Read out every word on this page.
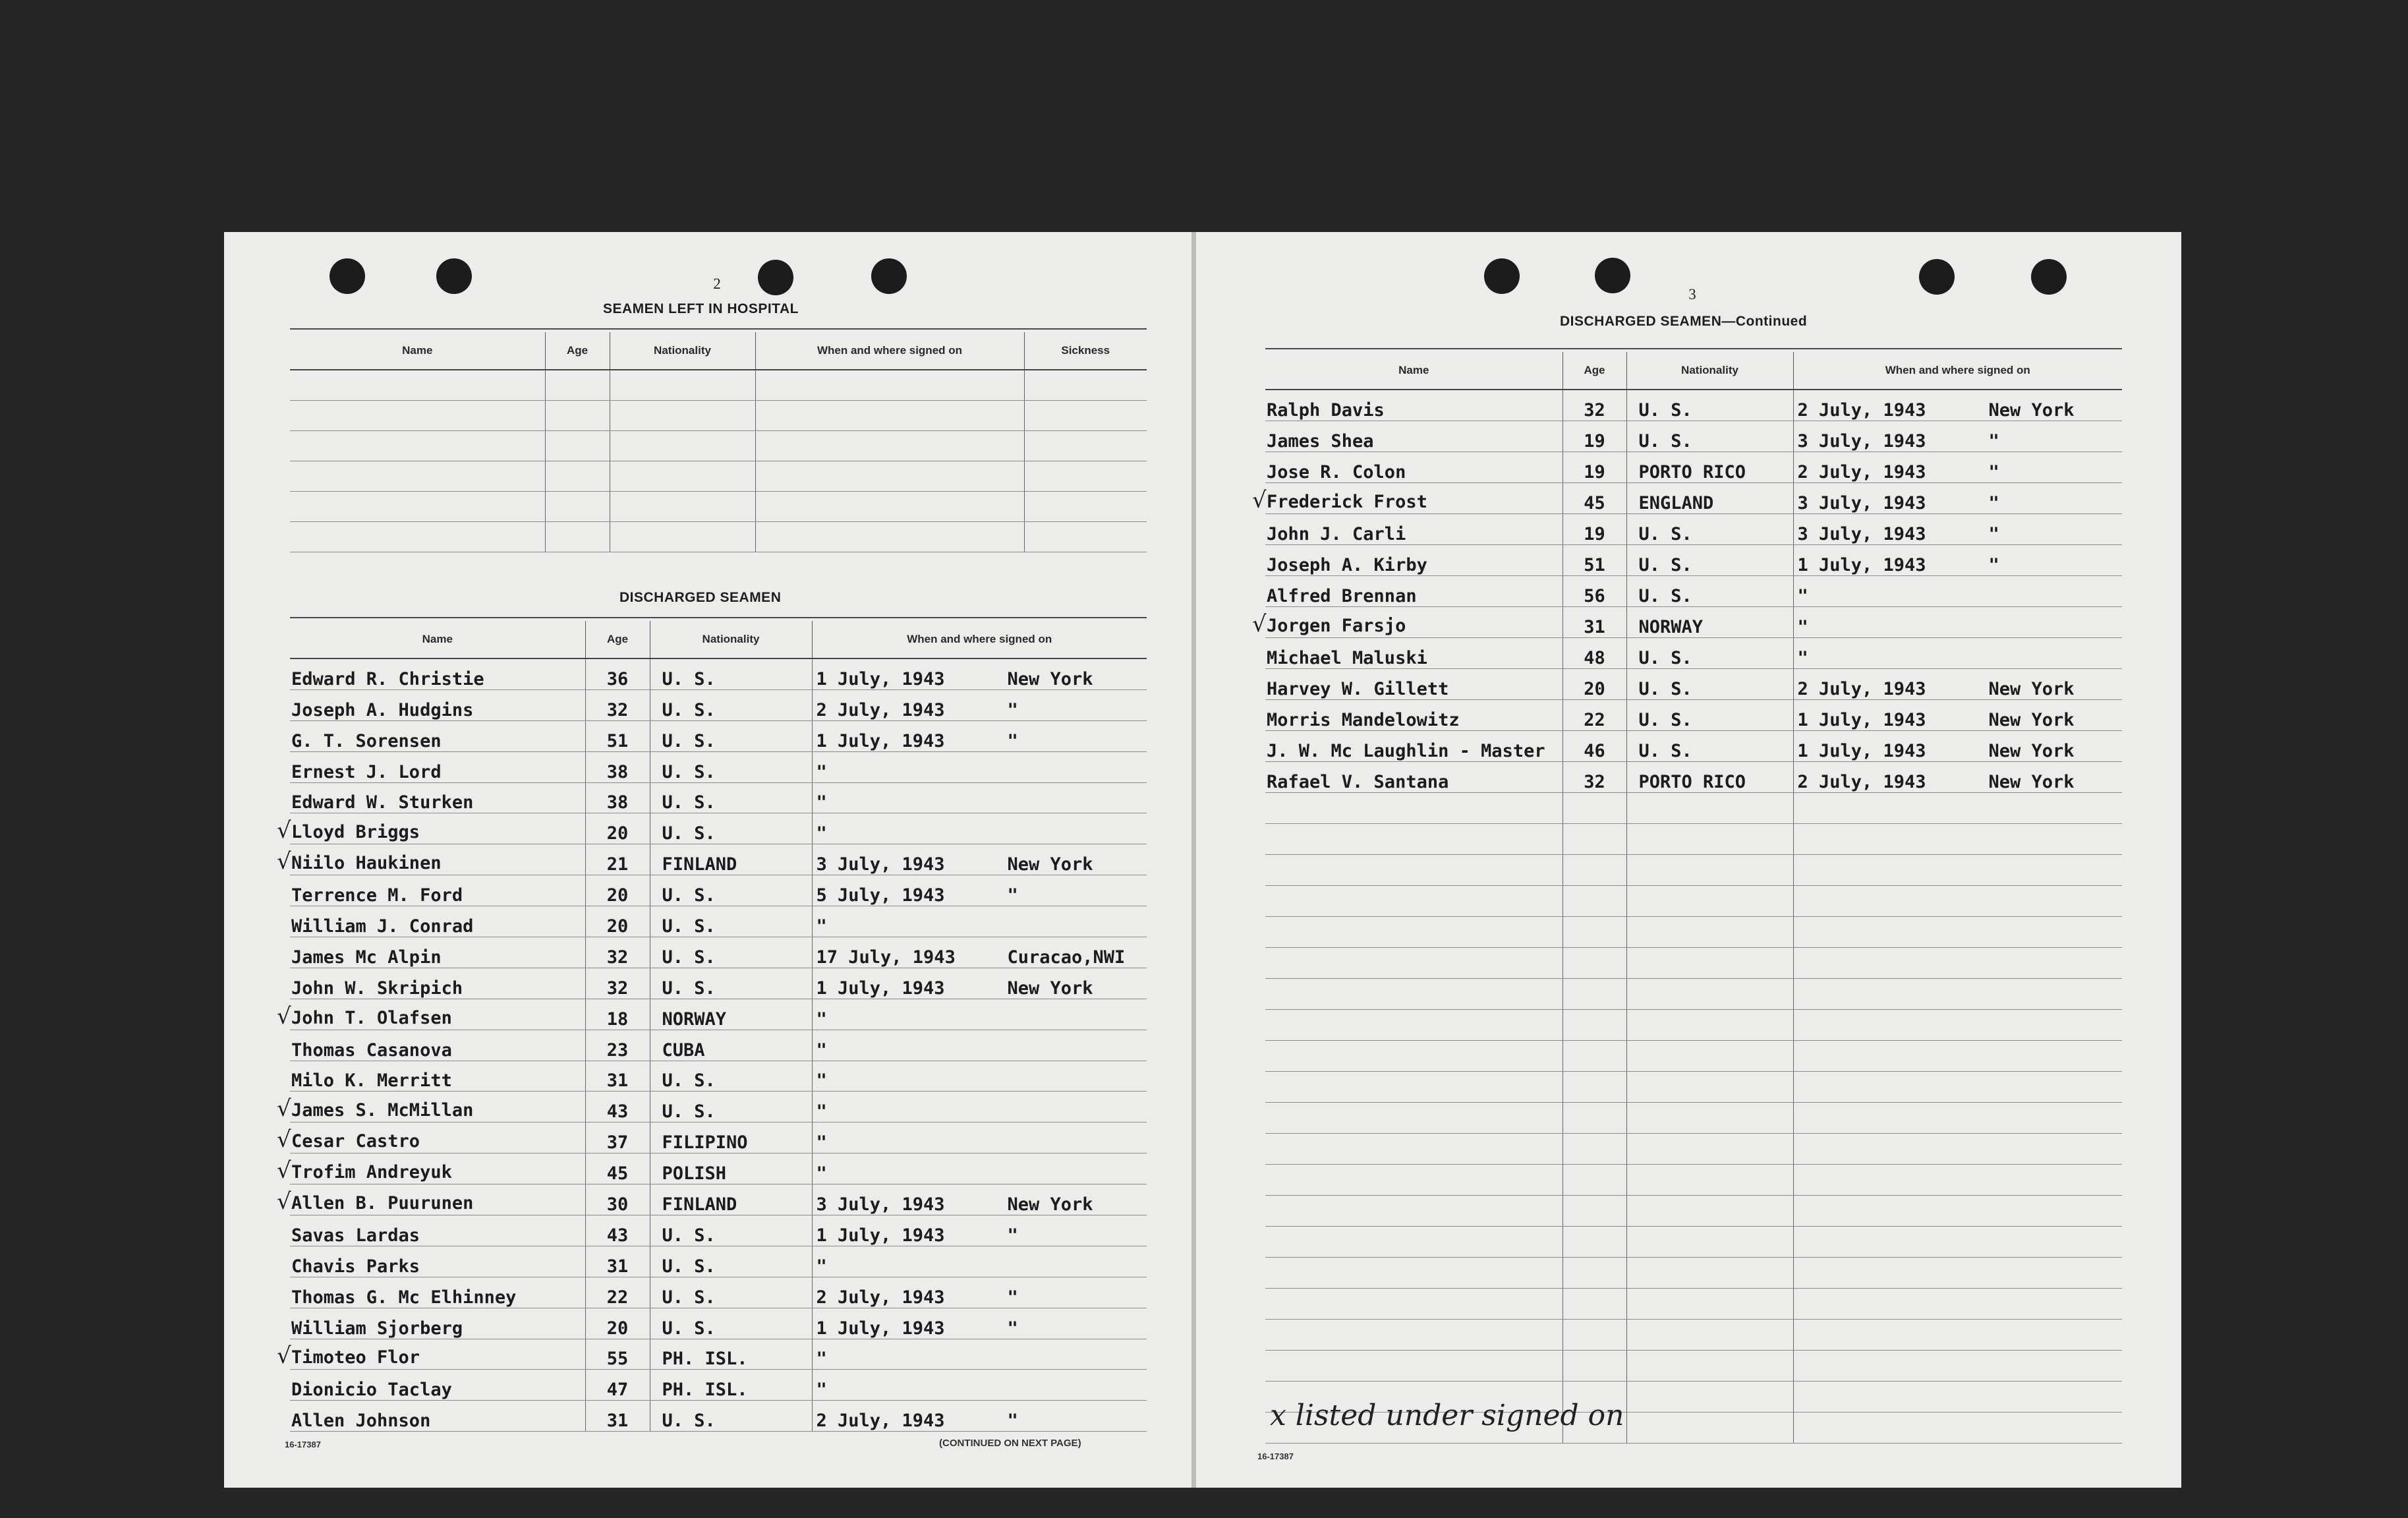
2
SEAMEN LEFT IN HOSPITAL
Name	Age	Nationality	When and where signed on	Sickness

DISCHARGED SEAMEN
Name	Age	Nationality	When and where signed on
Edward R. Christie	36	U. S.	1 July, 1943 New York
Joseph A. Hudgins	32	U. S.	2 July, 1943 "
G. T. Sorensen	51	U. S.	1 July, 1943 "
Ernest J. Lord	38	U. S.	"
Edward W. Sturken	38	U. S.	"
√Lloyd Briggs	20	U. S.	"
√Niilo Haukinen	21	FINLAND	3 July, 1943 New York
Terrence M. Ford	20	U. S.	5 July, 1943 "
William J. Conrad	20	U. S.	"
James Mc Alpin	32	U. S.	17 July, 1943 Curacao,NWI
John W. Skripich	32	U. S.	1 July, 1943 New York
√John T. Olafsen	18	NORWAY	"
Thomas Casanova	23	CUBA	"
Milo K. Merritt	31	U. S.	"
√James S. McMillan	43	U. S.	"
√Cesar Castro	37	FILIPINO	"
√Trofim Andreyuk	45	POLISH	"
√Allen B. Puurunen	30	FINLAND	3 July, 1943 New York
Savas Lardas	43	U. S.	1 July, 1943 "
Chavis Parks	31	U. S.	"
Thomas G. Mc Elhinney	22	U. S.	2 July, 1943 "
William Sjorberg	20	U. S.	1 July, 1943 "
√Timoteo Flor	55	PH. ISL.	"
Dionicio Taclay	47	PH. ISL.	"
Allen Johnson	31	U. S.	2 July, 1943 "
16-17387	(CONTINUED ON NEXT PAGE)
3
DISCHARGED SEAMEN—Continued
Name	Age	Nationality	When and where signed on
Ralph Davis	32	U. S.	2 July, 1943 New York
James Shea	19	U. S.	3 July, 1943 "
Jose R. Colon	19	PORTO RICO	2 July, 1943 "
√Frederick Frost	45	ENGLAND	3 July, 1943 "
John J. Carli	19	U. S.	3 July, 1943 "
Joseph A. Kirby	51	U. S.	1 July, 1943 "
Alfred Brennan	56	U. S.	"
√Jorgen Farsjo	31	NORWAY	"
Michael Maluski	48	U. S.	"
Harvey W. Gillett	20	U. S.	2 July, 1943 New York
Morris Mandelowitz	22	U. S.	1 July, 1943 New York
J. W. Mc Laughlin - Master	46	U. S.	1 July, 1943 New York
Rafael V. Santana	32	PORTO RICO	2 July, 1943 New York

x listed under signed on
16-17387
